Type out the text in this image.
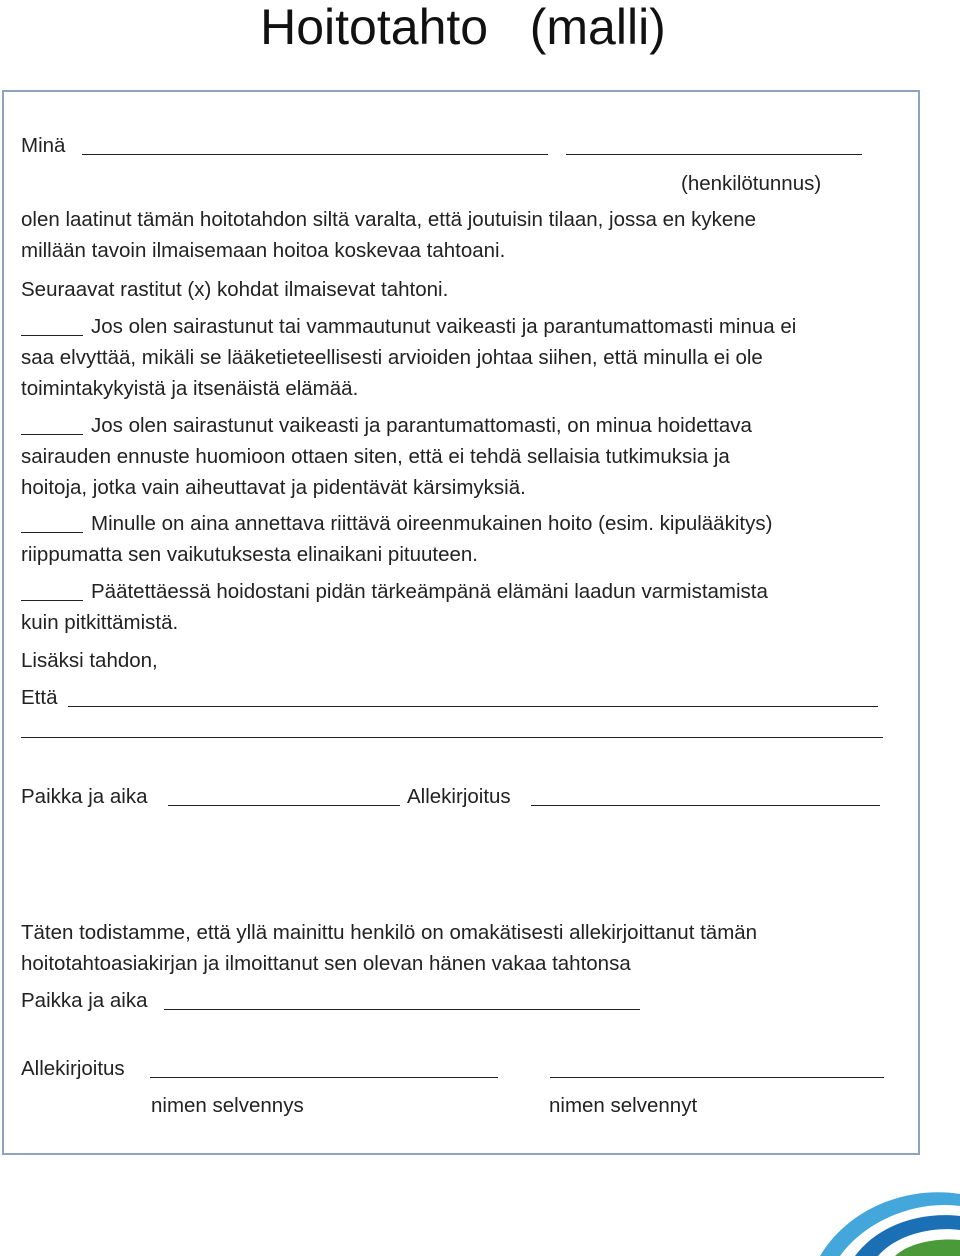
Hoitotahto   (malli)
Minä
(henkilötunnus)
olen laatinut tämän hoitotahdon siltä varalta, että joutuisin tilaan, jossa en kykene
millään tavoin ilmaisemaan hoitoa koskevaa tahtoani.
Seuraavat rastitut (x) kohdat ilmaisevat tahtoni.
Jos olen sairastunut tai vammautunut vaikeasti ja parantumattomasti minua ei
saa elvyttää, mikäli se lääketieteellisesti arvioiden johtaa siihen, että minulla ei ole
toimintakykyistä ja itsenäistä elämää.
Jos olen sairastunut vaikeasti ja parantumattomasti, on minua hoidettava
sairauden ennuste huomioon ottaen siten, että ei tehdä sellaisia tutkimuksia ja
hoitoja, jotka vain aiheuttavat ja pidentävät kärsimyksiä.
Minulle on aina annettava riittävä oireenmukainen hoito (esim. kipulääkitys)
riippumatta sen vaikutuksesta elinaikani pituuteen.
Päätettäessä hoidostani pidän tärkeämpänä elämäni laadun varmistamista
kuin pitkittämistä.
Lisäksi tahdon,
Että
Paikka ja aika	Allekirjoitus
Täten todistamme, että yllä mainittu henkilö on omakätisesti allekirjoittanut tämän
hoitotahtoasiakirjan ja ilmoittanut sen olevan hänen vakaa tahtonsa
Paikka ja aika
Allekirjoitus
nimen selvennys	nimen selvennyt
